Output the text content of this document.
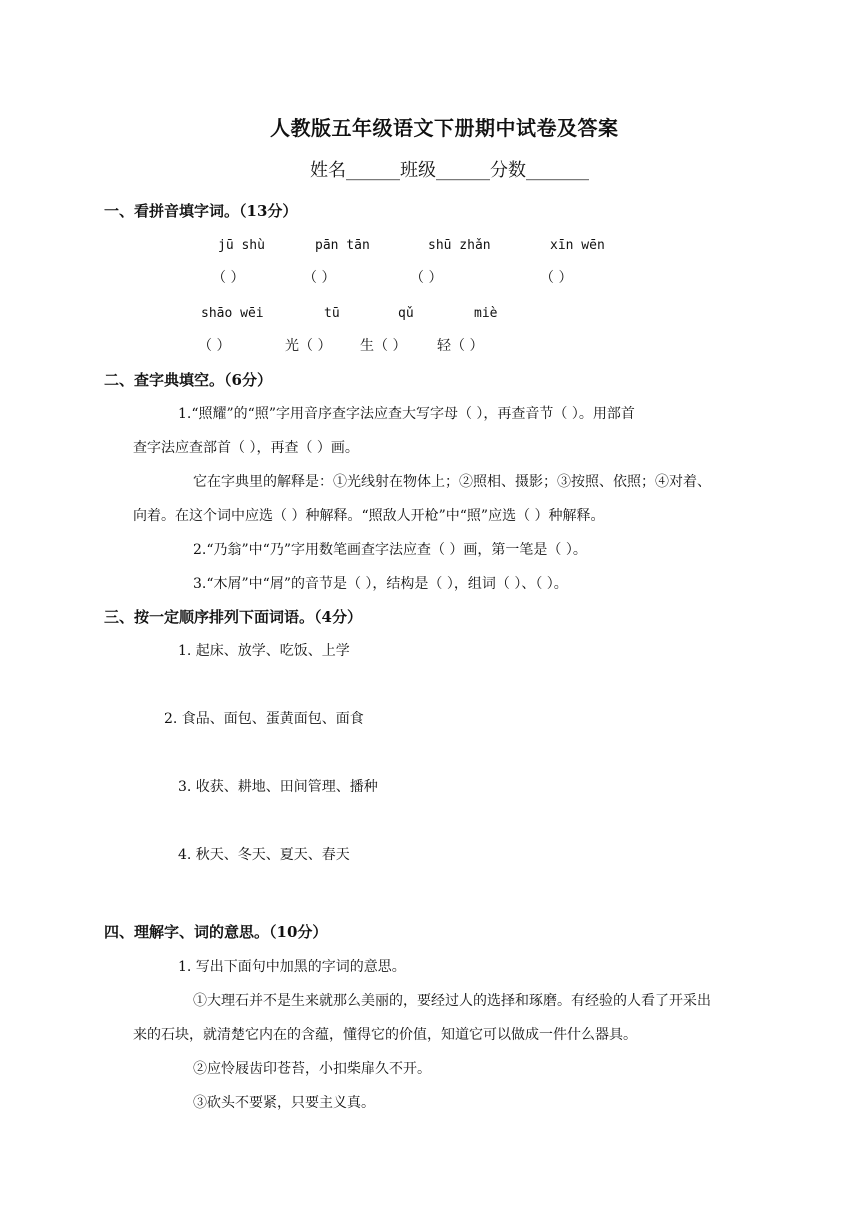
人教版五年级语文下册期中试卷及答案
姓名______班级______分数_______
一、看拼音填字词。（13分）
jū shù	pān tān	shū zhǎn	xīn wēn
（ ）	（ ）	（ ）	（ ）
shāo wēi	tū	qǔ	miè
（ ）	光（ ） 生（ ） 轻（ ）
二、查字典填空。（6分）
1.“照耀”的“照”字用音序查字法应查大写字母（ ），再查音节（ ）。用部首
查字法应查部首（ ），再查（ ）画。
它在字典里的解释是：①光线射在物体上；②照相、摄影；③按照、依照；④对着、
向着。在这个词中应选（ ）种解释。“照敌人开枪”中“照”应选（ ）种解释。
2.“乃翁”中“乃”字用数笔画查字法应查（ ）画，第一笔是（ ）。
3.“木屑”中“屑”的音节是（ ），结构是（ ），组词（ ）、（ ）。
三、按一定顺序排列下面词语。（4分）
1. 起床、放学、吃饭、上学
2. 食品、面包、蛋黄面包、面食
3. 收获、耕地、田间管理、播种
4. 秋天、冬天、夏天、春天
四、理解字、词的意思。（10分）
1. 写出下面句中加黑的字词的意思。
①大理石并不是生来就那么美丽的，要经过人的选择和琢磨。有经验的人看了开采出
来的石块，就清楚它内在的含蕴，懂得它的价值，知道它可以做成一件什么器具。
②应怜屐齿印苍苔，小扣柴扉久不开。
③砍头不要紧，只要主义真。
